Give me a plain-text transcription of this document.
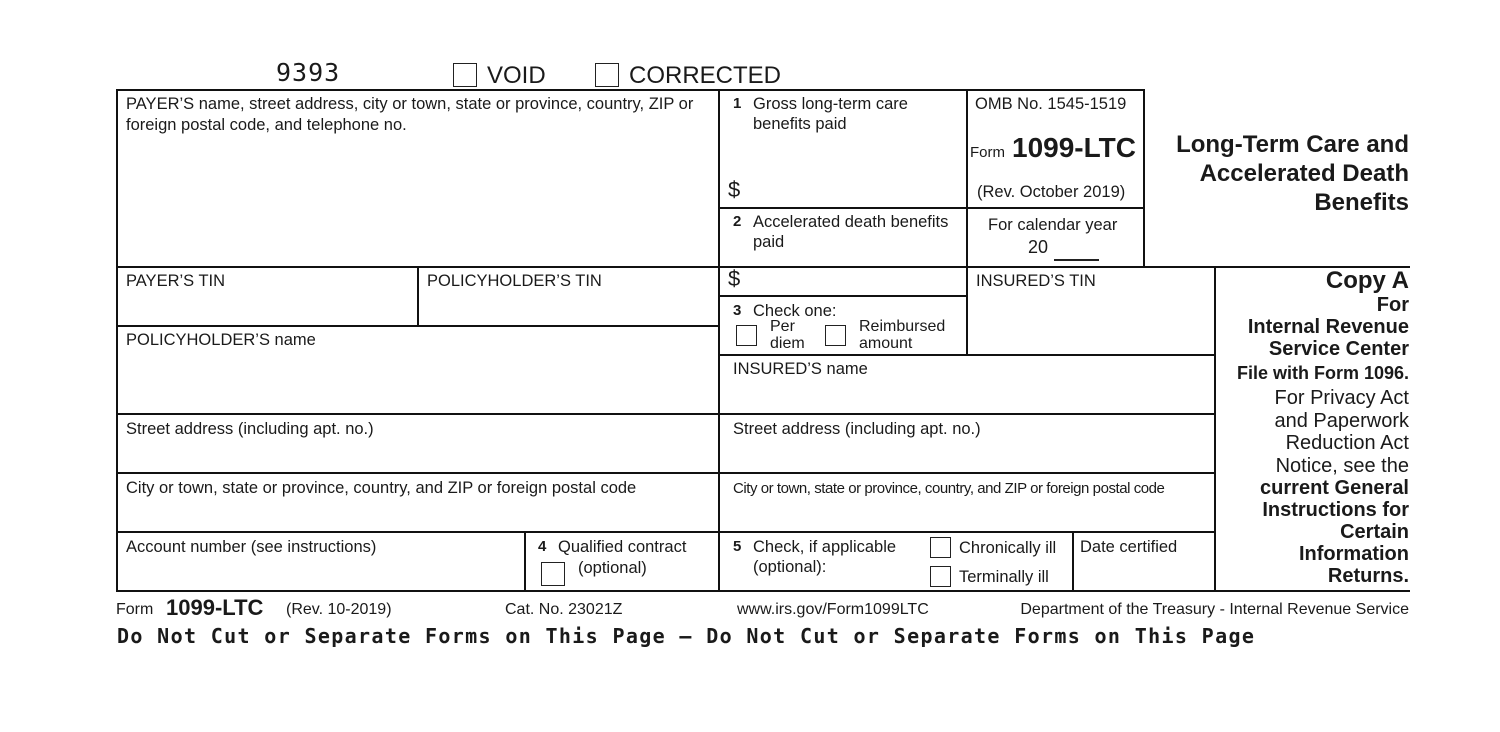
9393	VOID	CORRECTED
PAYER’S name, street address, city or town, state or province, country, ZIP or foreign postal code, and telephone no.
1 Gross long-term care benefits paid
$
2 Accelerated death benefits paid
$
OMB No. 1545-1519
Form 1099-LTC
(Rev. October 2019)
For calendar year
20
Long-Term Care and Accelerated Death Benefits
PAYER’S TIN	POLICYHOLDER’S TIN
3 Check one:
Per diem
Reimbursed amount
INSURED’S TIN	Copy A
For
Internal Revenue Service Center
File with Form 1096.
For Privacy Act and Paperwork Reduction Act Notice, see the
current General Instructions for Certain Information Returns.
POLICYHOLDER’S name
INSURED’S name
Street address (including apt. no.)	Street address (including apt. no.)
City or town, state or province, country, and ZIP or foreign postal code	City or town, state or province, country, and ZIP or foreign postal code
Account number (see instructions)	4 Qualified contract
(optional)
5 Check, if applicable
(optional):
Chronically ill
Terminally ill
Date certified
Form 1099-LTC (Rev. 10-2019)	Cat. No. 23021Z	www.irs.gov/Form1099LTC	Department of the Treasury - Internal Revenue Service
Do Not Cut or Separate Forms on This Page — Do Not Cut or Separate Forms on This Page
